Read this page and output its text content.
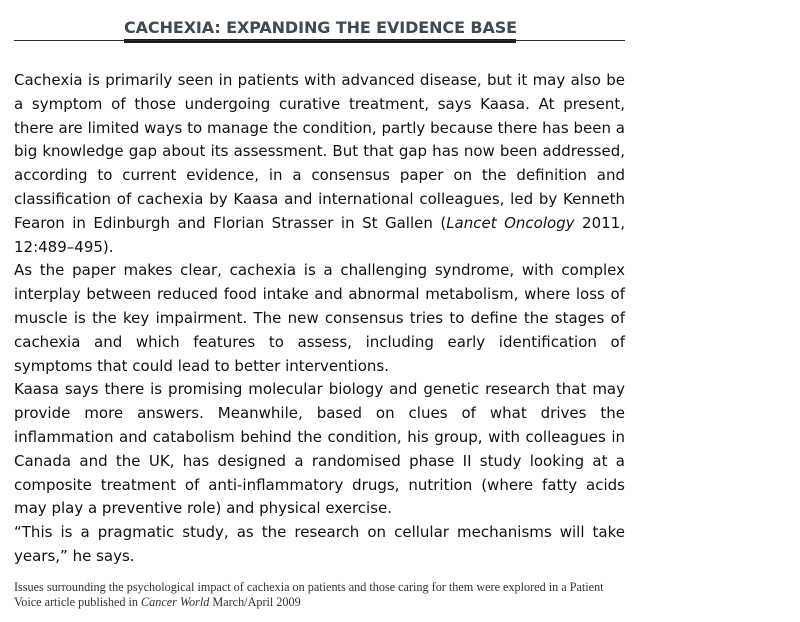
CACHEXIA: EXPANDING THE EVIDENCE BASE

Cachexia is primarily seen in patients with advanced disease, but it may also be a symptom of those undergoing curative treatment, says Kaasa. At present, there are limited ways to manage the condition, partly because there has been a big knowledge gap about its assessment. But that gap has now been addressed, according to current evidence, in a consensus paper on the definition and classification of cachexia by Kaasa and international colleagues, led by Kenneth Fearon in Edinburgh and Florian Strasser in St Gallen (Lancet Oncology 2011, 12:489–495).

As the paper makes clear, cachexia is a challenging syndrome, with complex interplay between reduced food intake and abnormal metabolism, where loss of muscle is the key impairment. The new consensus tries to define the stages of cachexia and which features to assess, including early identification of symptoms that could lead to better interventions.

Kaasa says there is promising molecular biology and genetic research that may provide more answers. Meanwhile, based on clues of what drives the inflammation and catabolism behind the condition, his group, with colleagues in Canada and the UK, has designed a randomised phase II study looking at a composite treatment of anti-inflammatory drugs, nutrition (where fatty acids may play a preventive role) and physical exercise.

“This is a pragmatic study, as the research on cellular mechanisms will take years,” he says.

Issues surrounding the psychological impact of cachexia on patients and those caring for them were explored in a Patient Voice article published in Cancer World March/April 2009
